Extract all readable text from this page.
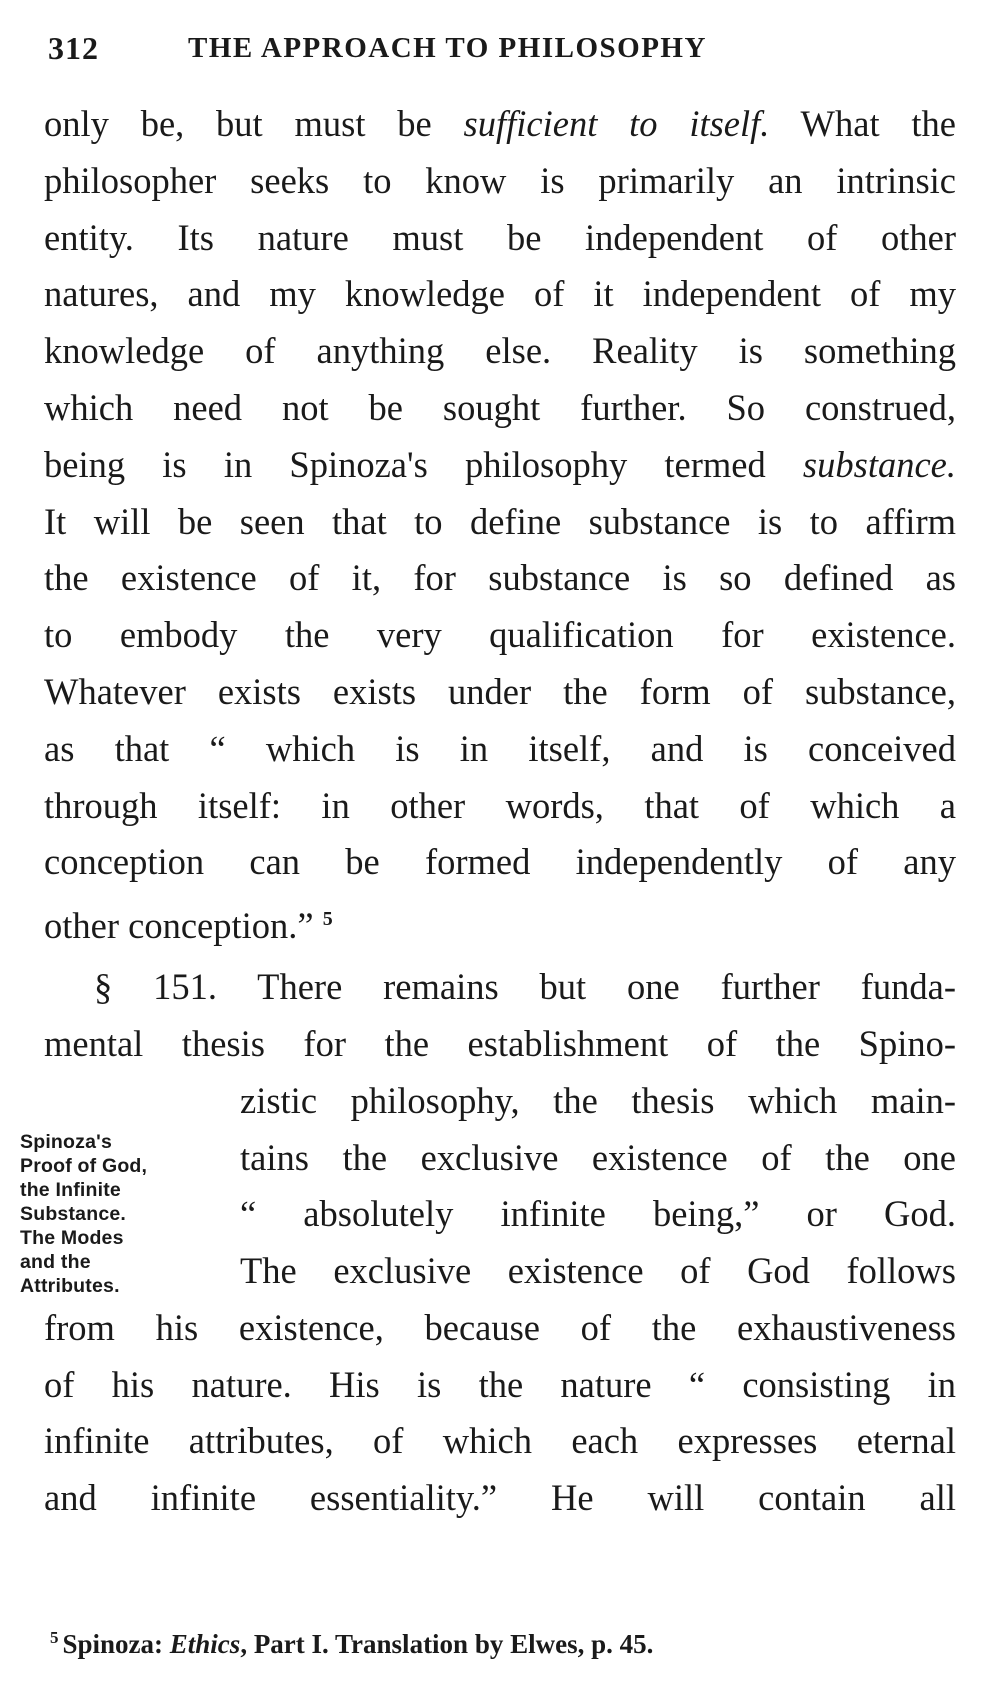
312	THE APPROACH TO PHILOSOPHY

only be, but must be sufficient to itself. What the
philosopher seeks to know is primarily an intrinsic
entity. Its nature must be independent of other
natures, and my knowledge of it independent of my
knowledge of anything else. Reality is something
which need not be sought further. So construed,
being is in Spinoza's philosophy termed substance.
It will be seen that to define substance is to affirm
the existence of it, for substance is so defined as
to embody the very qualification for existence.
Whatever exists exists under the form of substance,
as that “ which is in itself, and is conceived
through itself: in other words, that of which a
conception can be formed independently of any
other conception.” $^5$

§ 151. There remains but one further funda-
mental thesis for the establishment of the Spino-
zistic philosophy, the thesis which main-
tains the exclusive existence of the one
“ absolutely infinite being,” or God.
The exclusive existence of God follows
from his existence, because of the exhaustiveness
of his nature. His is the nature “ consisting in
infinite attributes, of which each expresses eternal
and infinite essentiality.” He will contain all

Spinoza's
Proof of God,
the Infinite
Substance.
The Modes
and the
Attributes.
$^5$ Spinoza: Ethics, Part I. Translation by Elwes, p. 45.
